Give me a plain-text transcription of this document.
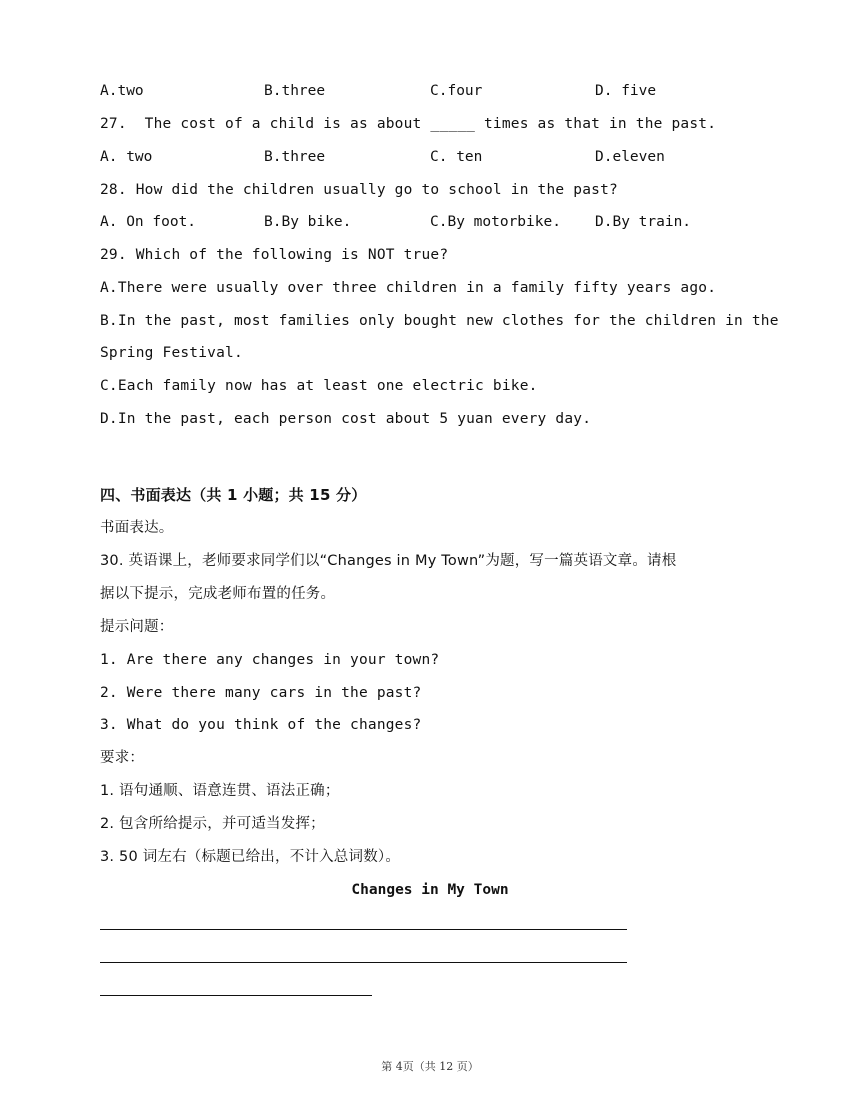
A.two	B.three	C.four	D. five
27.  The cost of a child is as about _____ times as that in the past.
A. two	B.three	C. ten	D.eleven
28. How did the children usually go to school in the past?
A. On foot.	B.By bike.	C.By motorbike. D.By train.
29. Which of the following is NOT true?
A.There were usually over three children in a family fifty years ago.
B.In the past, most families only bought new clothes for the children in the
Spring Festival.
C.Each family now has at least one electric bike.
D.In the past, each person cost about 5 yuan every day.
四、书面表达（共 1 小题；共 15 分）
书面表达。
30. 英语课上，老师要求同学们以“Changes in My Town”为题，写一篇英语文章。请根
据以下提示，完成老师布置的任务。
提示问题：
1. Are there any changes in your town?
2. Were there many cars in the past?
3. What do you think of the changes?
要求：
1. 语句通顺、语意连贯、语法正确；
2. 包含所给提示，并可适当发挥；
3. 50 词左右（标题已给出，不计入总词数）。
Changes in My Town
第 4页（共 12 页）
